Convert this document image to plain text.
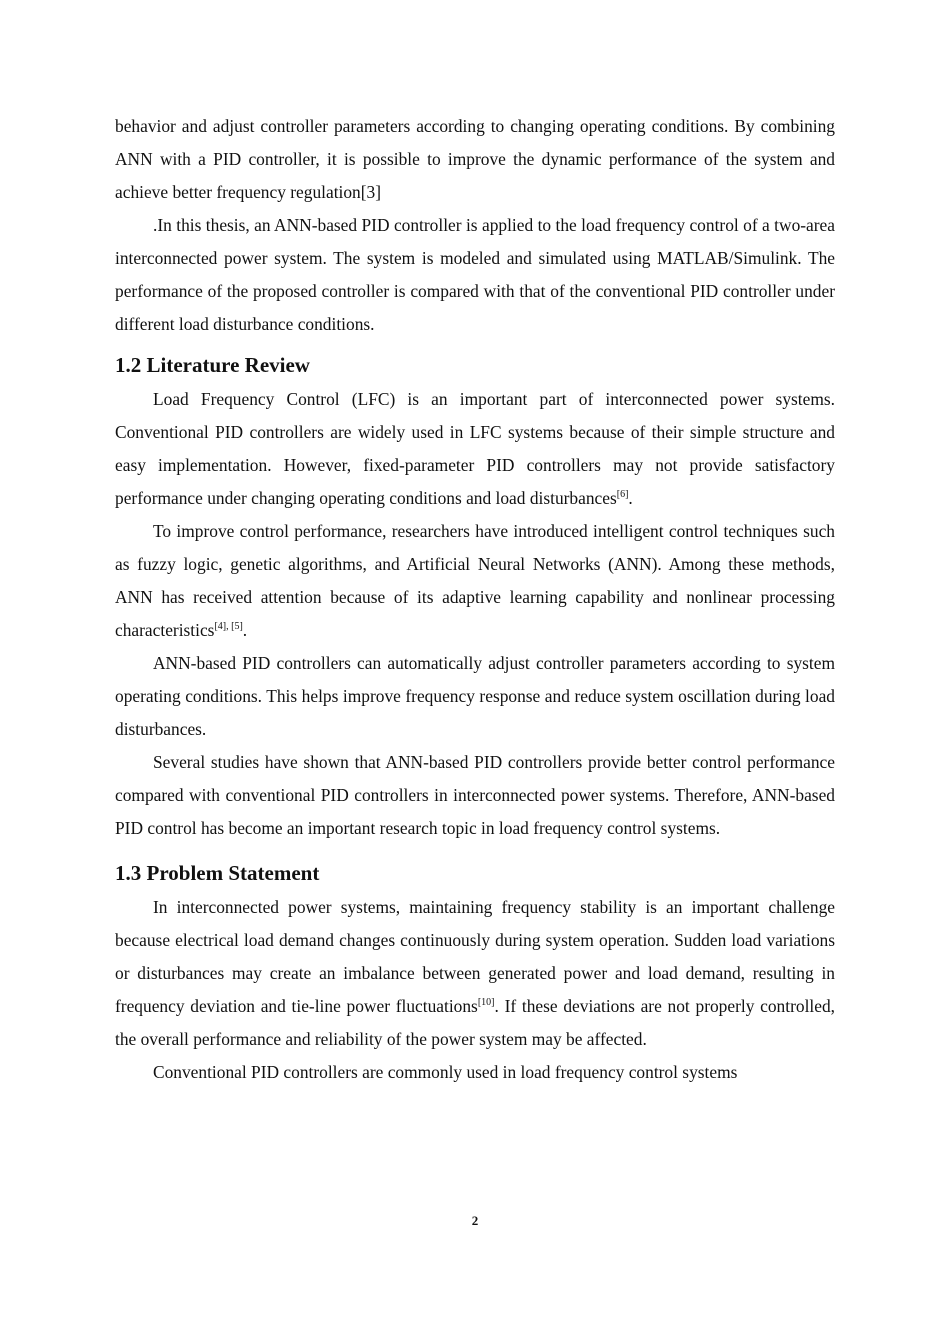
behavior and adjust controller parameters according to changing operating conditions. By combining ANN with a PID controller, it is possible to improve the dynamic performance of the system and achieve better frequency regulation[3]

.In this thesis, an ANN-based PID controller is applied to the load frequency control of a two-area interconnected power system. The system is modeled and simulated using MATLAB/Simulink. The performance of the proposed controller is compared with that of the conventional PID controller under different load disturbance conditions.

1.2 Literature Review

Load Frequency Control (LFC) is an important part of interconnected power systems. Conventional PID controllers are widely used in LFC systems because of their simple structure and easy implementation. However, fixed-parameter PID controllers may not provide satisfactory performance under changing operating conditions and load disturbances[6].

To improve control performance, researchers have introduced intelligent control techniques such as fuzzy logic, genetic algorithms, and Artificial Neural Networks (ANN). Among these methods, ANN has received attention because of its adaptive learning capability and nonlinear processing characteristics[4], [5].

ANN-based PID controllers can automatically adjust controller parameters according to system operating conditions. This helps improve frequency response and reduce system oscillation during load disturbances.

Several studies have shown that ANN-based PID controllers provide better control performance compared with conventional PID controllers in interconnected power systems. Therefore, ANN-based PID control has become an important research topic in load frequency control systems.

1.3 Problem Statement

In interconnected power systems, maintaining frequency stability is an important challenge because electrical load demand changes continuously during system operation. Sudden load variations or disturbances may create an imbalance between generated power and load demand, resulting in frequency deviation and tie-line power fluctuations[10]. If these deviations are not properly controlled, the overall performance and reliability of the power system may be affected.

Conventional PID controllers are commonly used in load frequency control systems

2
